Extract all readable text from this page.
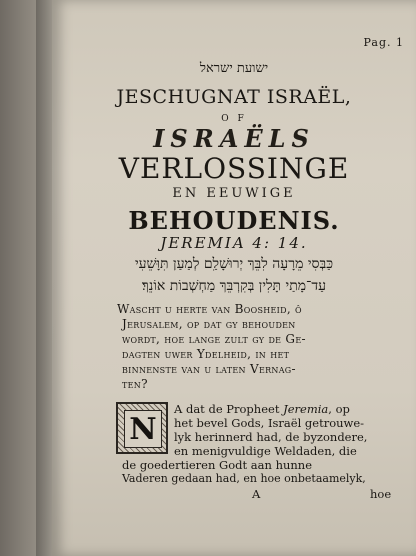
Pag. 1
ישועת ישראל
JESCHUGNAT ISRAËL,
O F
ISRAËLS
VERLOSSINGE
EN EEUWIGE
BEHOUDENIS.
JEREMIA 4: 14.
כַּבְּסִי מֵרָעָה לִבֵּךְ יְרוּשָׁלַ͏ִם לְמַעַן תִּוָּשֵׁעִי
עַד־מָתַי תָּלִין בְּקִרְבֵּךְ מַחְשְׁבוֹת אוֹנֵךְ׃
Wascht u herte van Boosheid, ô
Jerusalem, op dat gy behouden
wordt, hoe lange zult gy de Ge-
dagten uwer Ydelheid, in het
binnenste van u laten Vernag-
ten?
N
A dat de Propheet Jeremia, op
het bevel Gods, Israël getrouwe-
lyk herinnerd had, de byzondere,
en menigvuldige Weldaden, die
de goedertieren Godt aan hunne
Vaderen gedaan had, en hoe onbetaamelyk,
A	hoe
